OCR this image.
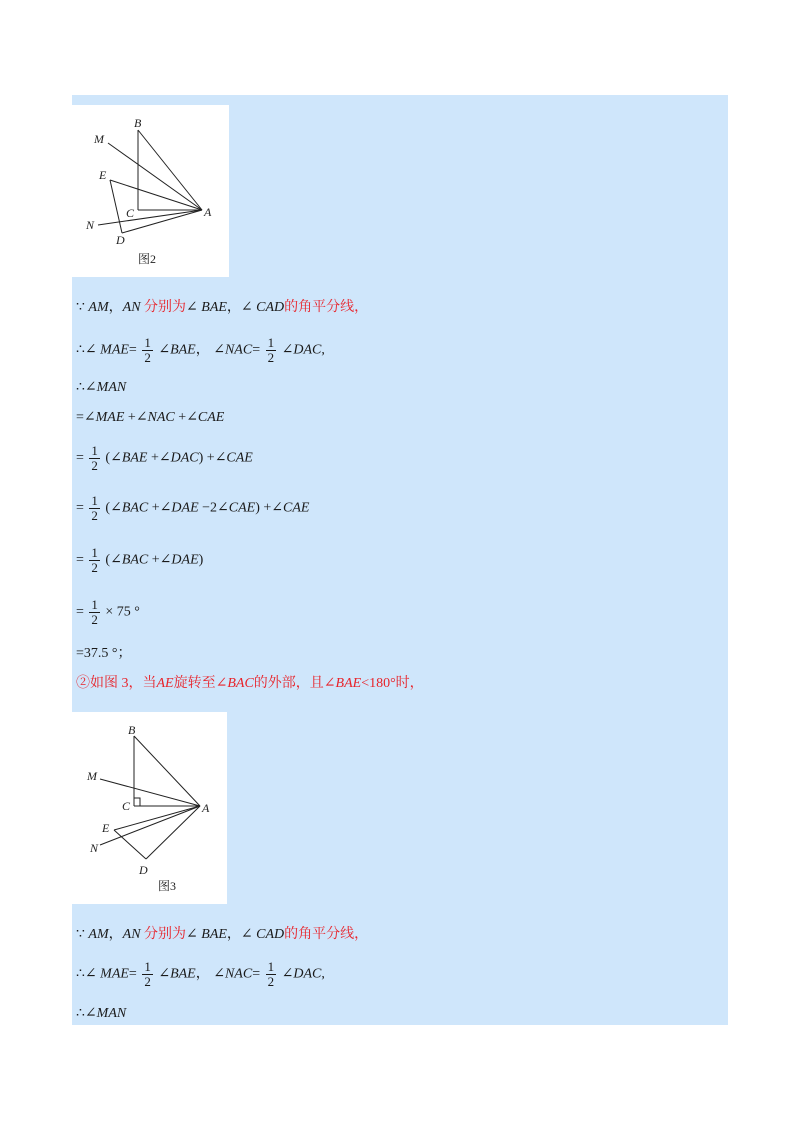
B
M
E
C	A
N
D
图2
∵ AM，AN 分别为∠ BAE，∠ CAD的角平分线，
∴∠ $MAE= \frac{1}{2}$ ∠BAE， ∠NAC= $\frac{1}{2}$ ∠DAC,
∴∠MAN
=∠MAE +∠NAC +∠CAE
= $\frac{1}{2}$ (∠BAE +∠DAC) +∠CAE
= $\frac{1}{2}$ (∠BAC +∠DAE −2∠CAE) +∠CAE
= $\frac{1}{2}$ (∠BAC +∠DAE)
= $\frac{1}{2} \times 75$ °
=37.5 °；
②如图 3，当AE旋转至∠BAC的外部，且∠BAE<180°时，
B
M
C	A
E
N
D
图3
∵ AM，AN 分别为∠ BAE，∠ CAD的角平分线，
∴∠ $MAE= \frac{1}{2}$ ∠BAE， ∠NAC= $\frac{1}{2}$ ∠DAC,
∴∠MAN
